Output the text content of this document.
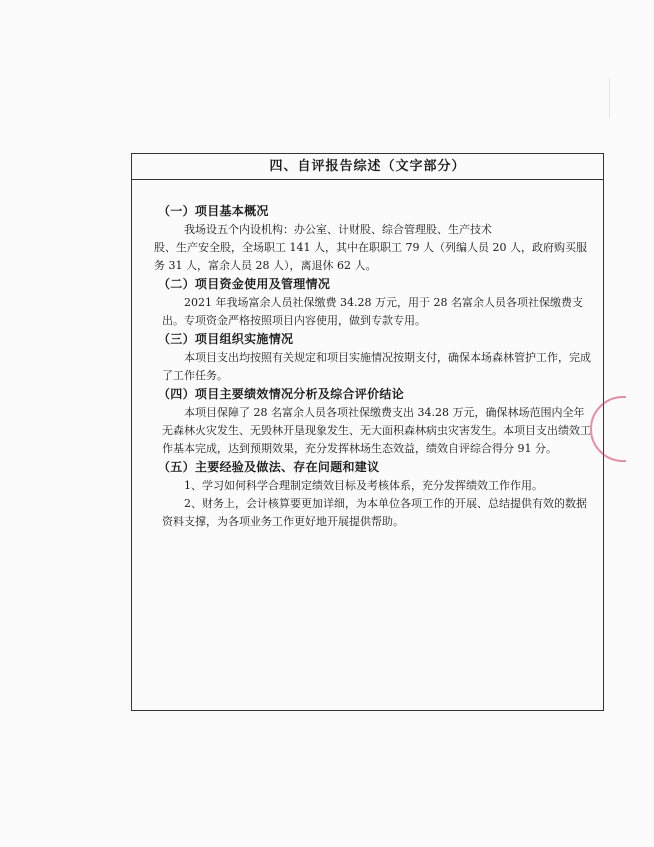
四、自评报告综述（文字部分）
（一）项目基本概况

我场设五个内设机构：办公室、计财股、综合管理股、生产技术

股、生产安全股，全场职工 141 人，其中在职职工 79 人（列编人员 20 人，政府购买服务 31 人，富余人员 28 人），离退休 62 人。

（二）项目资金使用及管理情况

2021 年我场富余人员社保缴费 34.28 万元，用于 28 名富余人员各项社保缴费支出。专项资金严格按照项目内容使用，做到专款专用。

（三）项目组织实施情况

本项目支出均按照有关规定和项目实施情况按期支付，确保本场森林管护工作，完成了工作任务。

（四）项目主要绩效情况分析及综合评价结论

本项目保障了 28 名富余人员各项社保缴费支出 34.28 万元，确保林场范围内全年无森林火灾发生、无毁林开垦现象发生、无大面积森林病虫灾害发生。本项目支出绩效工作基本完成，达到预期效果，充分发挥林场生态效益，绩效自评综合得分 91 分。

（五）主要经验及做法、存在问题和建议

1、学习如何科学合理制定绩效目标及考核体系，充分发挥绩效工作作用。

2、财务上，会计核算要更加详细，为本单位各项工作的开展、总结提供有效的数据资料支撑，为各项业务工作更好地开展提供帮助。
